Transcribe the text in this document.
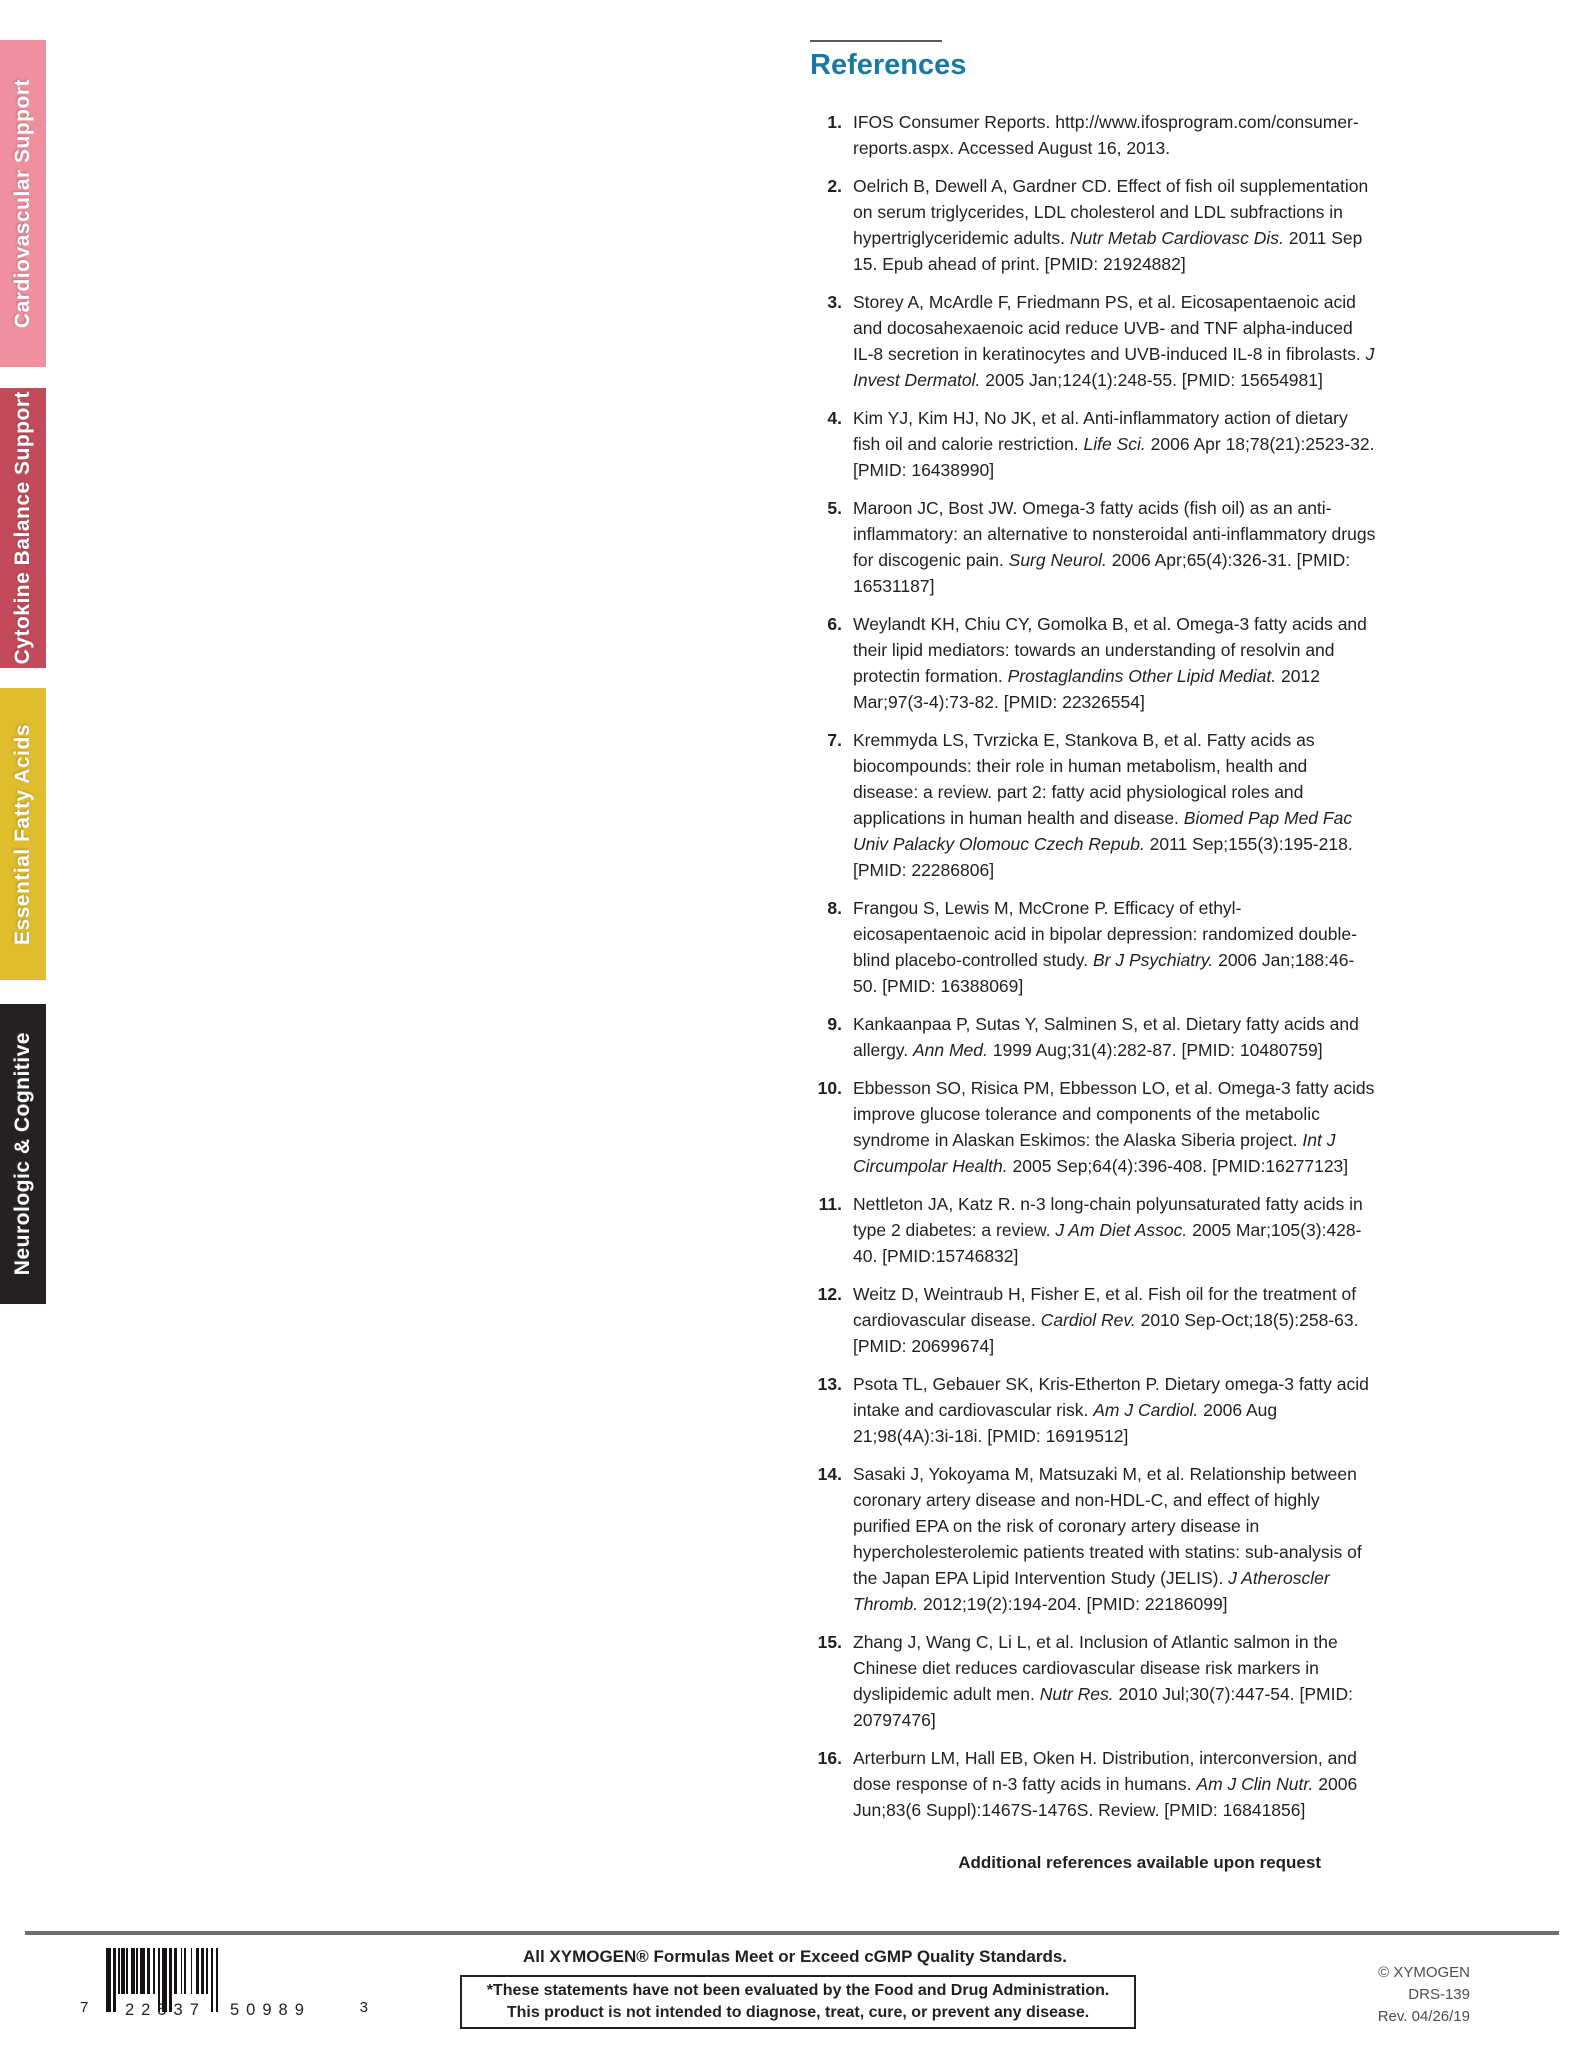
Cardiovascular Support
Cytokine Balance Support
Essential Fatty Acids
Neurologic & Cognitive
References
1. IFOS Consumer Reports. http://www.ifosprogram.com/consumer-reports.aspx. Accessed August 16, 2013.
2. Oelrich B, Dewell A, Gardner CD. Effect of fish oil supplementation on serum triglycerides, LDL cholesterol and LDL subfractions in hypertriglyceridemic adults. Nutr Metab Cardiovasc Dis. 2011 Sep 15. Epub ahead of print. [PMID: 21924882]
3. Storey A, McArdle F, Friedmann PS, et al. Eicosapentaenoic acid and docosahexaenoic acid reduce UVB- and TNF alpha-induced IL-8 secretion in keratinocytes and UVB-induced IL-8 in fibrolasts. J Invest Dermatol. 2005 Jan;124(1):248-55. [PMID: 15654981]
4. Kim YJ, Kim HJ, No JK, et al. Anti-inflammatory action of dietary fish oil and calorie restriction. Life Sci. 2006 Apr 18;78(21):2523-32. [PMID: 16438990]
5. Maroon JC, Bost JW. Omega-3 fatty acids (fish oil) as an anti-inflammatory: an alternative to nonsteroidal anti-inflammatory drugs for discogenic pain. Surg Neurol. 2006 Apr;65(4):326-31. [PMID: 16531187]
6. Weylandt KH, Chiu CY, Gomolka B, et al. Omega-3 fatty acids and their lipid mediators: towards an understanding of resolvin and protectin formation. Prostaglandins Other Lipid Mediat. 2012 Mar;97(3-4):73-82. [PMID: 22326554]
7. Kremmyda LS, Tvrzicka E, Stankova B, et al. Fatty acids as biocompounds: their role in human metabolism, health and disease: a review. part 2: fatty acid physiological roles and applications in human health and disease. Biomed Pap Med Fac Univ Palacky Olomouc Czech Repub. 2011 Sep;155(3):195-218. [PMID: 22286806]
8. Frangou S, Lewis M, McCrone P. Efficacy of ethyl-eicosapentaenoic acid in bipolar depression: randomized double-blind placebo-controlled study. Br J Psychiatry. 2006 Jan;188:46-50. [PMID: 16388069]
9. Kankaanpaa P, Sutas Y, Salminen S, et al. Dietary fatty acids and allergy. Ann Med. 1999 Aug;31(4):282-87. [PMID: 10480759]
10. Ebbesson SO, Risica PM, Ebbesson LO, et al. Omega-3 fatty acids improve glucose tolerance and components of the metabolic syndrome in Alaskan Eskimos: the Alaska Siberia project. Int J Circumpolar Health. 2005 Sep;64(4):396-408. [PMID:16277123]
11. Nettleton JA, Katz R. n-3 long-chain polyunsaturated fatty acids in type 2 diabetes: a review. J Am Diet Assoc. 2005 Mar;105(3):428-40. [PMID:15746832]
12. Weitz D, Weintraub H, Fisher E, et al. Fish oil for the treatment of cardiovascular disease. Cardiol Rev. 2010 Sep-Oct;18(5):258-63. [PMID: 20699674]
13. Psota TL, Gebauer SK, Kris-Etherton P. Dietary omega-3 fatty acid intake and cardiovascular risk. Am J Cardiol. 2006 Aug 21;98(4A):3i-18i. [PMID: 16919512]
14. Sasaki J, Yokoyama M, Matsuzaki M, et al. Relationship between coronary artery disease and non-HDL-C, and effect of highly purified EPA on the risk of coronary artery disease in hypercholesterolemic patients treated with statins: sub-analysis of the Japan EPA Lipid Intervention Study (JELIS). J Atheroscler Thromb. 2012;19(2):194-204. [PMID: 22186099]
15. Zhang J, Wang C, Li L, et al. Inclusion of Atlantic salmon in the Chinese diet reduces cardiovascular disease risk markers in dyslipidemic adult men. Nutr Res. 2010 Jul;30(7):447-54. [PMID: 20797476]
16. Arterburn LM, Hall EB, Oken H. Distribution, interconversion, and dose response of n-3 fatty acids in humans. Am J Clin Nutr. 2006 Jun;83(6 Suppl):1467S-1476S. Review. [PMID: 16841856]

Additional references available upon request

7 22537 50989	3
All XYMOGEN® Formulas Meet or Exceed cGMP Quality Standards.
*These statements have not been evaluated by the Food and Drug Administration.
This product is not intended to diagnose, treat, cure, or prevent any disease.
© XYMOGEN
DRS-139
Rev. 04/26/19
